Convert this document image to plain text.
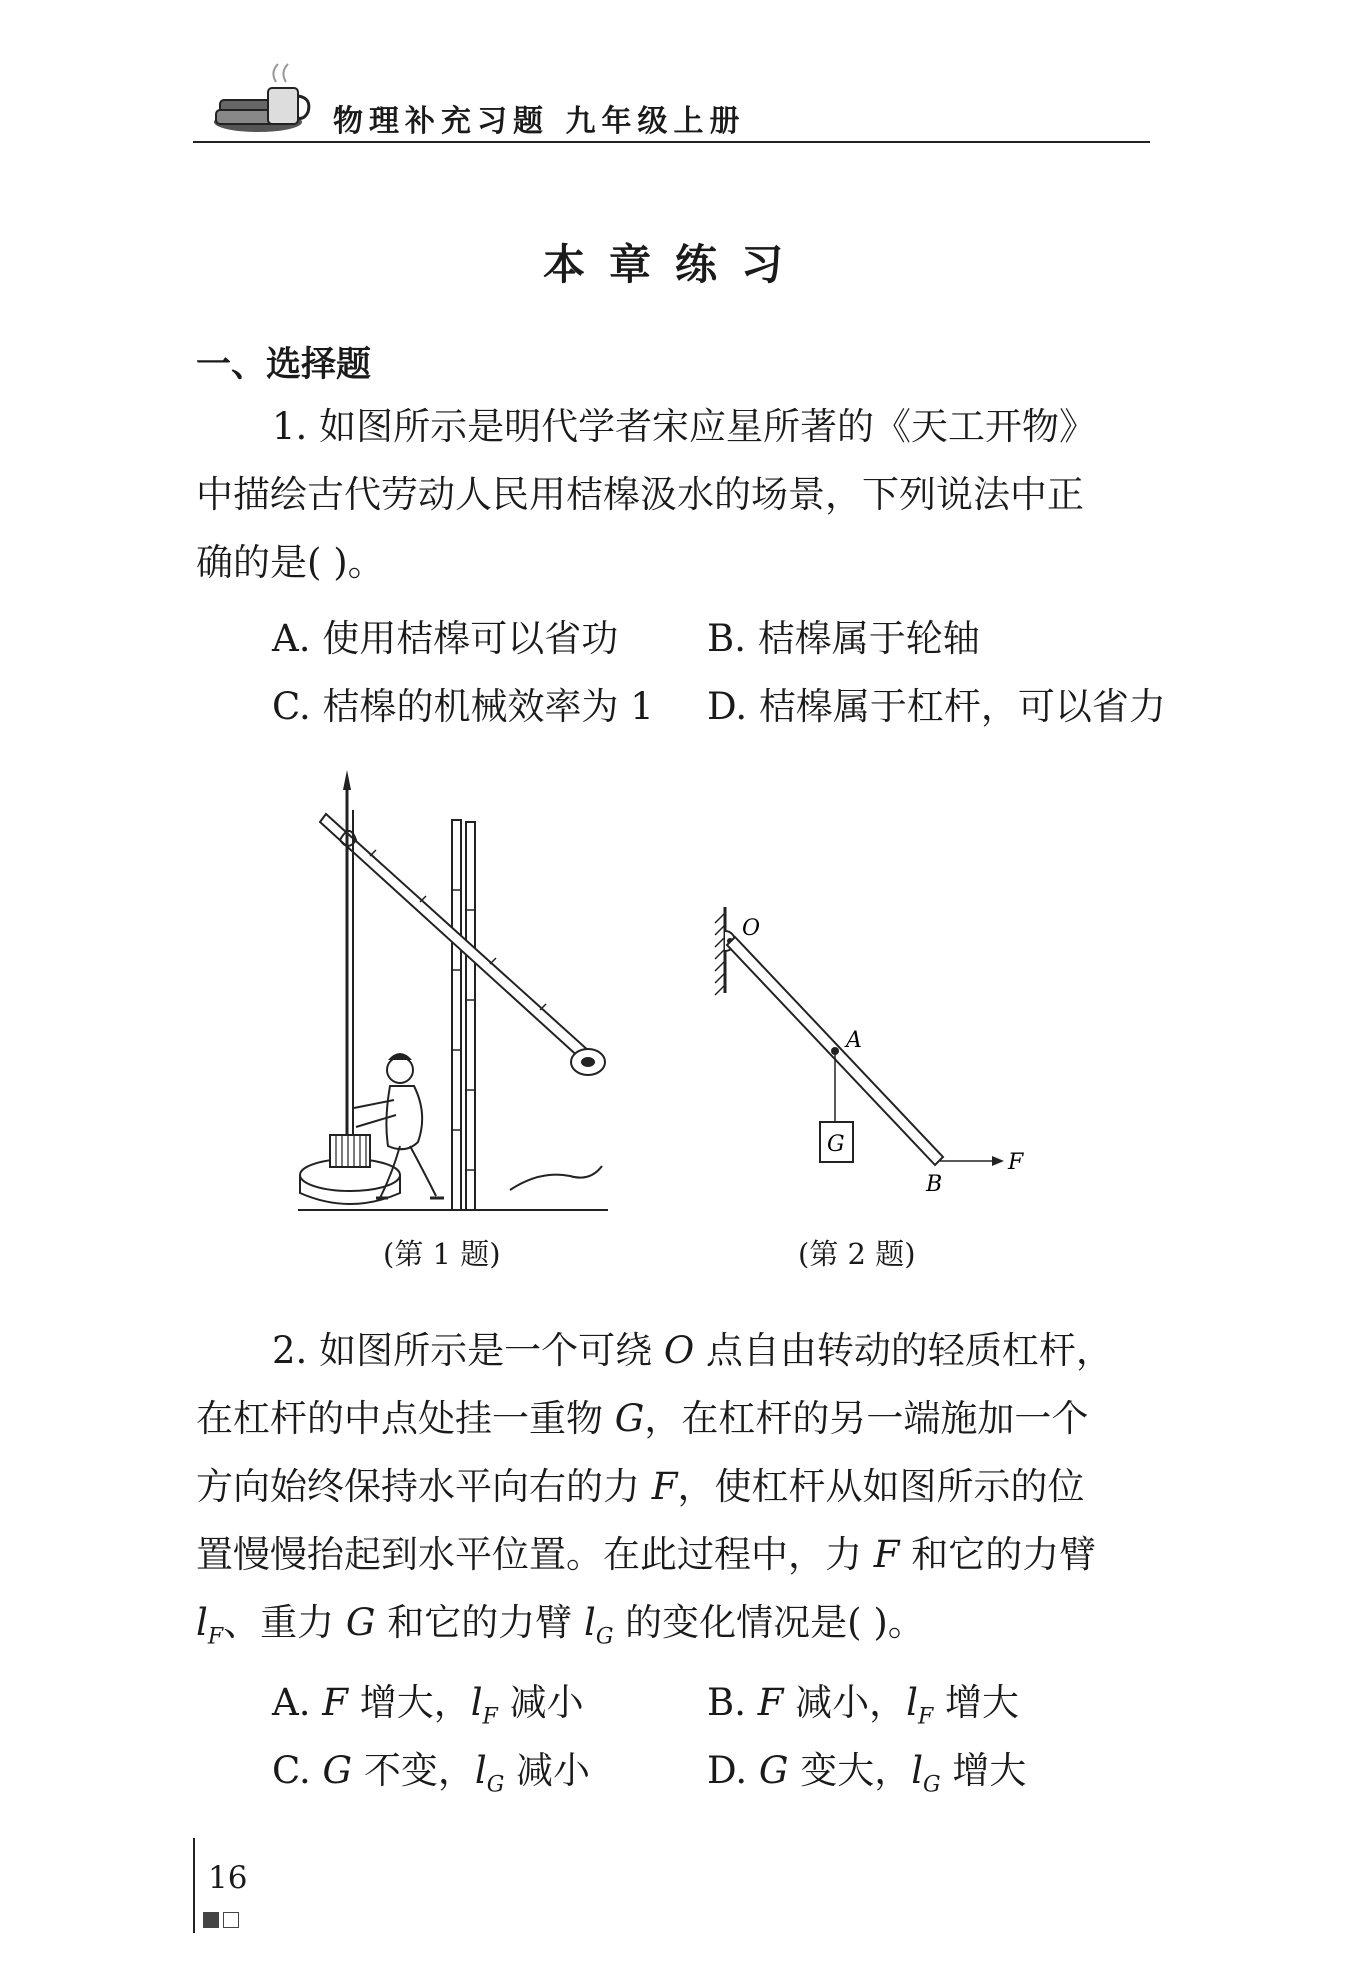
物理补充习题 九年级上册
本章练习
一、选择题
1. 如图所示是明代学者宋应星所著的《天工开物》
中描绘古代劳动人民用桔槔汲水的场景，下列说法中正
确的是( )。
A. 使用桔槔可以省功 B. 桔槔属于轮轴
C. 桔槔的机械效率为 1 D. 桔槔属于杠杆，可以省力
(第 1 题)
O
A
B
F
G
(第 2 题)
2. 如图所示是一个可绕 O 点自由转动的轻质杠杆，
在杠杆的中点处挂一重物 G，在杠杆的另一端施加一个
方向始终保持水平向右的力 F，使杠杆从如图所示的位
置慢慢抬起到水平位置。在此过程中，力 F 和它的力臂
$l_F$、重力 G 和它的力臂 $l_G$ 的变化情况是( )。
A. F 增大，$l_F$ 减小	B. F 减小，$l_F$ 增大
C. G 不变，$l_G$ 减小	D. G 变大，$l_G$ 增大
16
